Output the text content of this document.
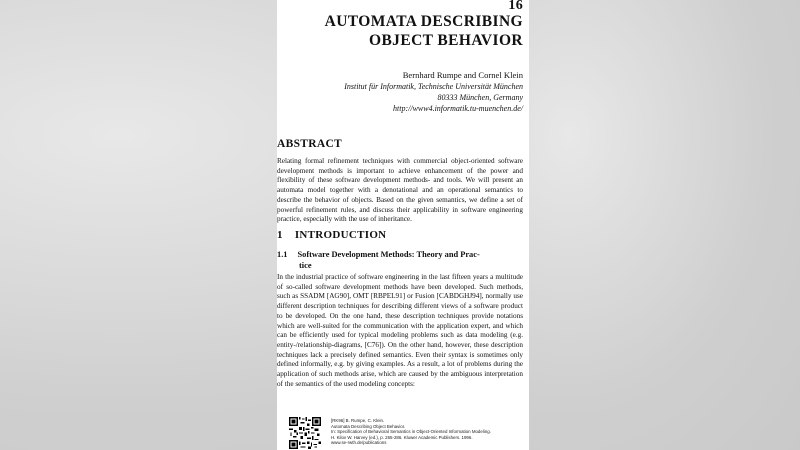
16
AUTOMATA DESCRIBING
OBJECT BEHAVIOR
Bernhard Rumpe and Cornel Klein
Institut für Informatik, Technische Universität München
80333 München, Germany
http://www4.informatik.tu-muenchen.de/
ABSTRACT
Relating formal refinement techniques with commercial object-oriented software development methods is important to achieve enhancement of the power and flexibility of these software development methods- and tools. We will present an automata model together with a denotational and an operational semantics to describe the behavior of objects. Based on the given semantics, we define a set of powerful refinement rules, and discuss their applicability in software engineering practice, especially with the use of inheritance.
1 INTRODUCTION
1.1 Software Development Methods: Theory and Prac-
tice
In the industrial practice of software engineering in the last fifteen years a multitude of so-called software development methods have been developed. Such methods, such as SSADM [AG90], OMT [RBPEL91] or Fusion [CABDGHJ94], normally use different description techniques for describing different views of a software product to be developed. On the one hand, these description techniques provide notations which are well-suited for the communication with the application expert, and which can be efficiently used for typical modeling problems such as data modeling (e.g. entity-/relationship-diagrams, [C76]). On the other hand, however, these description techniques lack a precisely defined semantics. Even their syntax is sometimes only defined informally, e.g. by giving examples. As a result, a lot of problems during the application of such methods arise, which are caused by the ambiguous interpretation of the semantics of the used modeling concepts:
[RK96] B. Rumpe, C. Klein.
Automata Describing Object Behavior.
In: Specification of Behavioral Semantics in Object-Oriented Information Modeling.
H. Kilov W. Harvey (ed.), p. 265-286. Kluwer Academic Publishers. 1996.
www.se-rwth.de/publications
